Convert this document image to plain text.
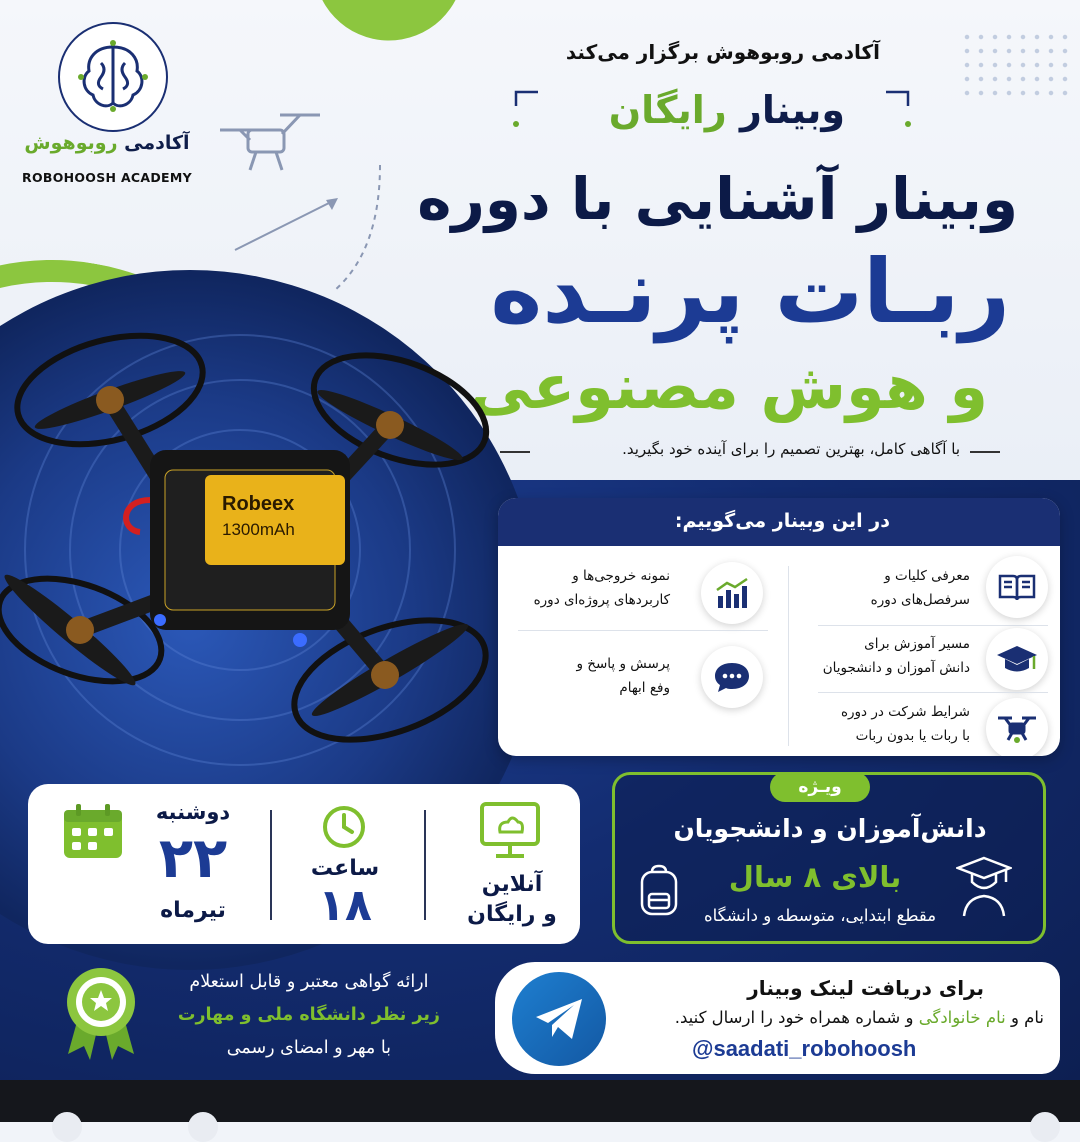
آکادمی روبوهوش
ROBOHOOSH ACADEMY
آکادمی روبوهوش برگزار می‌کند
وبینار رایگان
وبینار آشنایی با دوره
ربـات پرنـده
و هوش مصنوعی
با آگاهی کامل، بهترین تصمیم را برای آینده خود بگیرید.
Robeex
1300mAh	در این وبینار می‌گوییم:
معرفی کلیات و
سرفصل‌های دوره
مسیر آموزش برای
دانش آموزان و دانشجویان
شرایط شرکت در دوره
با ربات یا بدون ربات
نمونه خروجی‌ها و
کاربردهای پروژه‌ای دوره
پرسش و پاسخ و
وفع ابهام
دوشنبه
۲۲
تیرماه
ساعت
۱۸	آنلاین
و رایگان
ویـژه
دانش‌آموزان و دانشجویان
بالای ۸ سال
مقطع ابتدایی، متوسطه و دانشگاه
ارائه گواهی معتبر و قابل استعلام
زیر نظر دانشگاه ملی و مهارت
با مهر و امضای رسمی
برای دریافت لینک وبینار
نام و نام خانوادگی و شماره همراه خود را ارسال کنید.
@saadati_robohoosh
